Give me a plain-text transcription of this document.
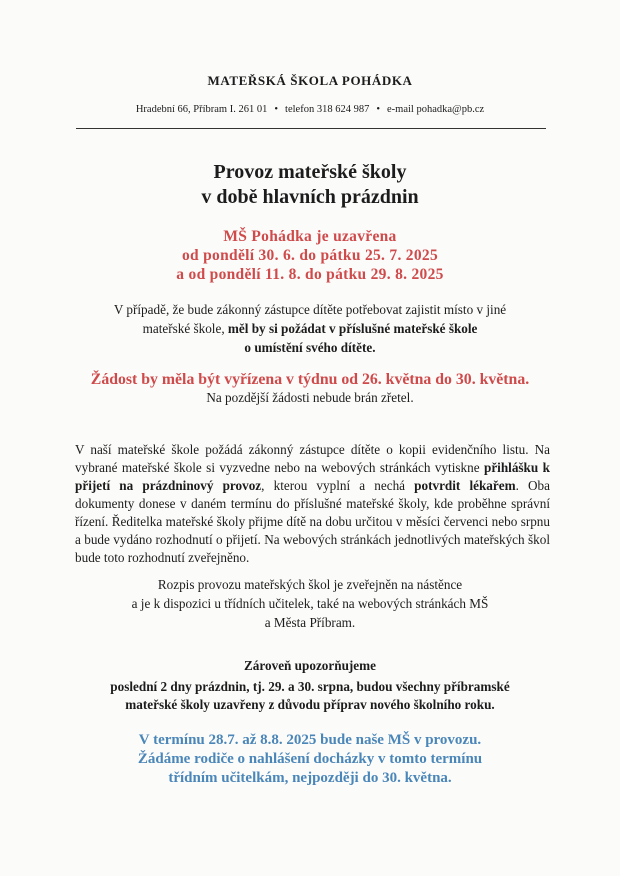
MATEŘSKÁ ŠKOLA POHÁDKA
Hradební 66, Příbram I. 261 01 • telefon 318 624 987 • e-mail pohadka@pb.cz
Provoz mateřské školy
v době hlavních prázdnin
MŠ Pohádka je uzavřena
od pondělí 30. 6. do pátku 25. 7. 2025
a od pondělí 11. 8. do pátku 29. 8. 2025
V případě, že bude zákonný zástupce dítěte potřebovat zajistit místo v jiné
mateřské škole, měl by si požádat v příslušné mateřské škole
o umístění svého dítěte.
Žádost by měla být vyřízena v týdnu od 26. května do 30. května.
Na pozdější žádosti nebude brán zřetel.
V naší mateřské škole požádá zákonný zástupce dítěte o kopii evidenčního listu. Na vybrané mateřské škole si vyzvedne nebo na webových stránkách vytiskne přihlášku k přijetí na prázdninový provoz, kterou vyplní a nechá potvrdit lékařem. Oba dokumenty donese v daném termínu do příslušné mateřské školy, kde proběhne správní řízení. Ředitelka mateřské školy přijme dítě na dobu určitou v měsíci červenci nebo srpnu a bude vydáno rozhodnutí o přijetí. Na webových stránkách jednotlivých mateřských škol bude toto rozhodnutí zveřejněno.
Rozpis provozu mateřských škol je zveřejněn na nástěnce
a je k dispozici u třídních učitelek, také na webových stránkách MŠ
a Města Příbram.
Zároveň upozorňujeme
poslední 2 dny prázdnin, tj. 29. a 30. srpna, budou všechny příbramské
mateřské školy uzavřeny z důvodu příprav nového školního roku.
V termínu 28.7. až 8.8. 2025 bude naše MŠ v provozu.
Žádáme rodiče o nahlášení docházky v tomto termínu
třídním učitelkám, nejpozději do 30. května.
